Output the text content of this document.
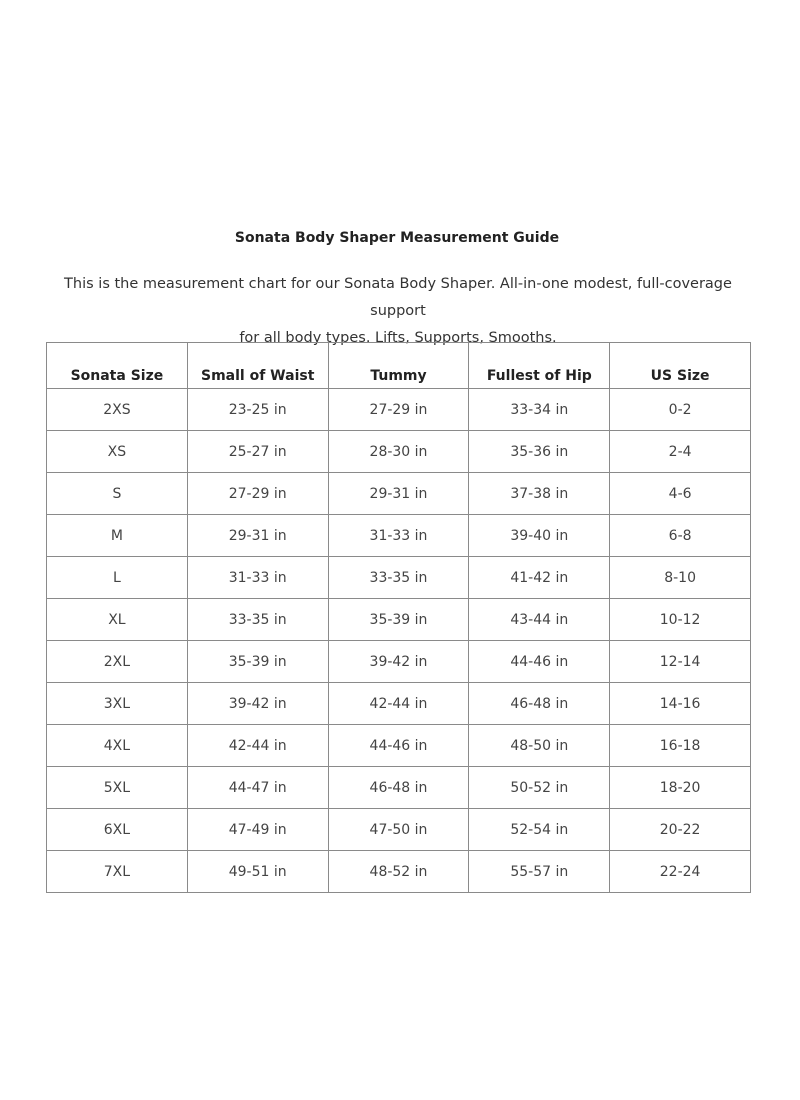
Sonata Body Shaper Measurement Guide
This is the measurement chart for our Sonata Body Shaper. All-in-one modest, full-coverage support
for all body types. Lifts, Supports, Smooths.
Sonata Size	Small of Waist	Tummy	Fullest of Hip	US Size
2XS	23-25 in	27-29 in	33-34 in	0-2
XS	25-27 in	28-30 in	35-36 in	2-4
S	27-29 in	29-31 in	37-38 in	4-6
M	29-31 in	31-33 in	39-40 in	6-8
L	31-33 in	33-35 in	41-42 in	8-10
XL	33-35 in	35-39 in	43-44 in	10-12
2XL	35-39 in	39-42 in	44-46 in	12-14
3XL	39-42 in	42-44 in	46-48 in	14-16
4XL	42-44 in	44-46 in	48-50 in	16-18
5XL	44-47 in	46-48 in	50-52 in	18-20
6XL	47-49 in	47-50 in	52-54 in	20-22
7XL	49-51 in	48-52 in	55-57 in	22-24
